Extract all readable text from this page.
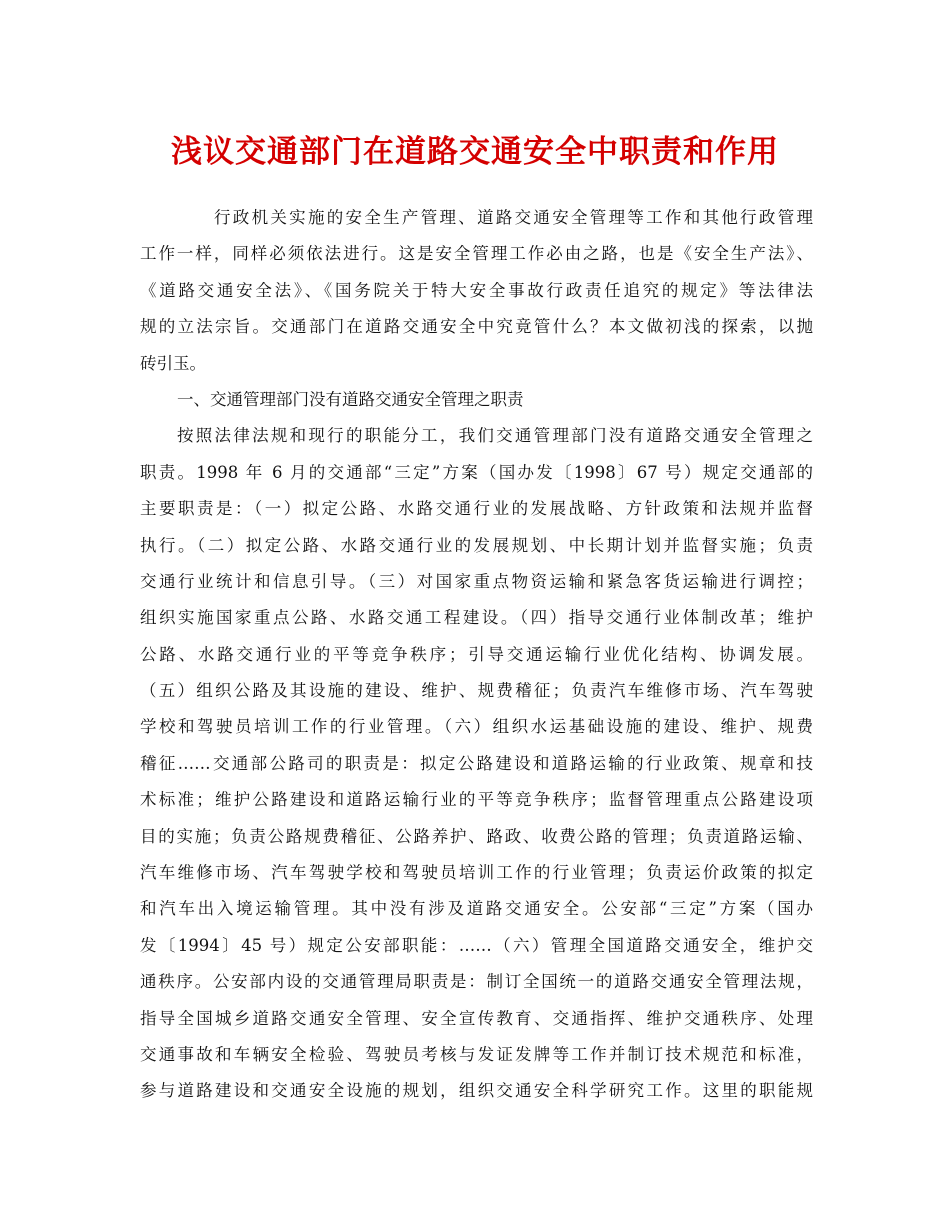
浅议交通部门在道路交通安全中职责和作用
行政机关实施的安全生产管理、道路交通安全管理等工作和其他行政管理
工作一样，同样必须依法进行。这是安全管理工作必由之路，也是《安全生产法》、
《道路交通安全法》、《国务院关于特大安全事故行政责任追究的规定》等法律法
规的立法宗旨。交通部门在道路交通安全中究竟管什么？本文做初浅的探索，以抛
砖引玉。
一、交通管理部门没有道路交通安全管理之职责
按照法律法规和现行的职能分工，我们交通管理部门没有道路交通安全管理之
职责。1998 年 6 月的交通部“三定”方案（国办发〔1998〕67 号）规定交通部的
主要职责是：（一）拟定公路、水路交通行业的发展战略、方针政策和法规并监督
执行。（二）拟定公路、水路交通行业的发展规划、中长期计划并监督实施；负责
交通行业统计和信息引导。（三）对国家重点物资运输和紧急客货运输进行调控；
组织实施国家重点公路、水路交通工程建设。（四）指导交通行业体制改革；维护
公路、水路交通行业的平等竞争秩序；引导交通运输行业优化结构、协调发展。
（五）组织公路及其设施的建设、维护、规费稽征；负责汽车维修市场、汽车驾驶
学校和驾驶员培训工作的行业管理。（六）组织水运基础设施的建设、维护、规费
稽征……交通部公路司的职责是：拟定公路建设和道路运输的行业政策、规章和技
术标准；维护公路建设和道路运输行业的平等竞争秩序；监督管理重点公路建设项
目的实施；负责公路规费稽征、公路养护、路政、收费公路的管理；负责道路运输、
汽车维修市场、汽车驾驶学校和驾驶员培训工作的行业管理；负责运价政策的拟定
和汽车出入境运输管理。其中没有涉及道路交通安全。公安部“三定”方案（国办
发〔1994〕45 号）规定公安部职能：……（六）管理全国道路交通安全，维护交
通秩序。公安部内设的交通管理局职责是：制订全国统一的道路交通安全管理法规，
指导全国城乡道路交通安全管理、安全宣传教育、交通指挥、维护交通秩序、处理
交通事故和车辆安全检验、驾驶员考核与发证发牌等工作并制订技术规范和标准，
参与道路建设和交通安全设施的规划，组织交通安全科学研究工作。这里的职能规
